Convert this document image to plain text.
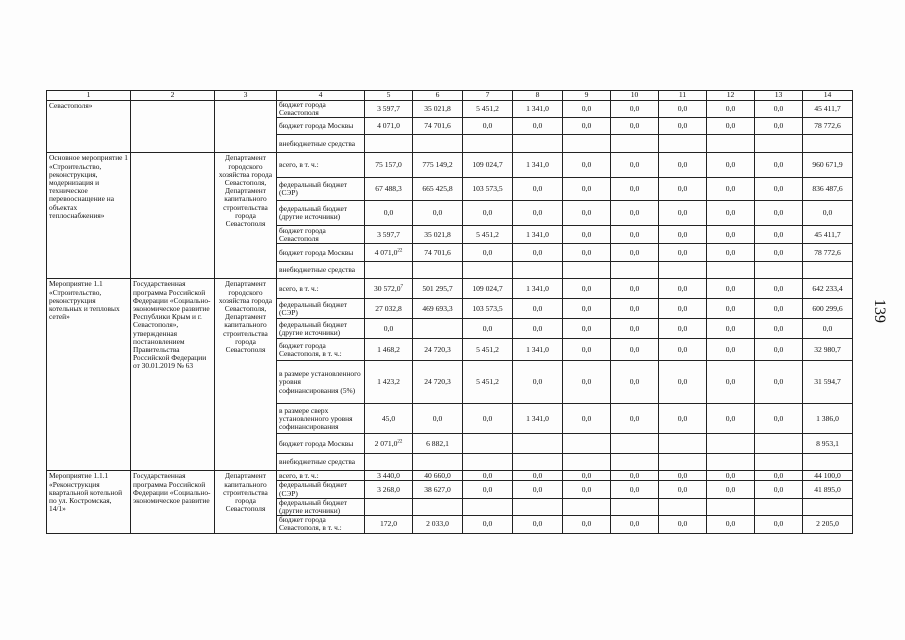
1	2	3	4	5	6	7	8	9	10	11	12	13	14
Севастополя»			бюджет города Севастополя	3 597,7	35 021,8	5 451,2	1 341,0	0,0	0,0	0,0	0,0	0,0	45 411,7
			бюджет города Москвы	4 071,0	74 701,6	0,0	0,0	0,0	0,0	0,0	0,0	0,0	78 772,6
			внебюджетные средства										
Основное мероприятие 1 «Строительство, реконструкция, модернизация и техническое перевооснащение на объектах теплоснабжения»		Департамент городского хозяйства города Севастополя, Департамент капитального строительства города Севастополя	всего, в т. ч.:	75 157,0	775 149,2	109 024,7	1 341,0	0,0	0,0	0,0	0,0	0,0	960 671,9
			федеральный бюджет (СЭР)	67 488,3	665 425,8	103 573,5	0,0	0,0	0,0	0,0	0,0	0,0	836 487,6
			федеральный бюджет (другие источники)	0,0	0,0	0,0	0,0	0,0	0,0	0,0	0,0	0,0	0,0
			бюджет города Севастополя	3 597,7	35 021,8	5 451,2	1 341,0	0,0	0,0	0,0	0,0	0,0	45 411,7
			бюджет города Москвы	4 071,0$^{22}$	74 701,6	0,0	0,0	0,0	0,0	0,0	0,0	0,0	78 772,6
			внебюджетные средства										
Мероприятие 1.1 «Строительство, реконструкция котельных и тепловых сетей»	Государственная программа Российской Федерации «Социально-экономическое развитие Республики Крым и г. Севастополя», утвержденная постановлением Правительства Российской Федерации от 30.01.2019 № 63	Департамент городского хозяйства города Севастополя, Департамент капитального строительства города Севастополя	всего, в т. ч.:	30 572,0$^7$	501 295,7	109 024,7	1 341,0	0,0	0,0	0,0	0,0	0,0	642 233,4
			федеральный бюджет (СЭР)	27 032,8	469 693,3	103 573,5	0,0	0,0	0,0	0,0	0,0	0,0	600 299,6
			федеральный бюджет (другие источники)	0,0		0,0	0,0	0,0	0,0	0,0	0,0	0,0	0,0
			бюджет города Севастополя, в т. ч.:	1 468,2	24 720,3	5 451,2	1 341,0	0,0	0,0	0,0	0,0	0,0	32 980,7
			в размере установленного уровня софинансирования (5%)	1 423,2	24 720,3	5 451,2	0,0	0,0	0,0	0,0	0,0	0,0	31 594,7
			в размере сверх установленного уровня софинансирования	45,0	0,0	0,0	1 341,0	0,0	0,0	0,0	0,0	0,0	1 386,0
			бюджет города Москвы	2 071,0$^{22}$	6 882,1								8 953,1
			внебюджетные средства										
Мероприятие 1.1.1 «Реконструкция квартальной котельной по ул. Костромская, 14/1»	Государственная программа Российской Федерации «Социально-экономическое развитие	Департамент капитального строительства города Севастополя	всего, в т. ч.:	3 440,0	40 660,0	0,0	0,0	0,0	0,0	0,0	0,0	0,0	44 100,0
			федеральный бюджет (СЭР)	3 268,0	38 627,0	0,0	0,0	0,0	0,0	0,0	0,0	0,0	41 895,0
			федеральный бюджет (другие источники)										
			бюджет города Севастополя, в т. ч.:	172,0	2 033,0	0,0	0,0	0,0	0,0	0,0	0,0	0,0	2 205,0
139
